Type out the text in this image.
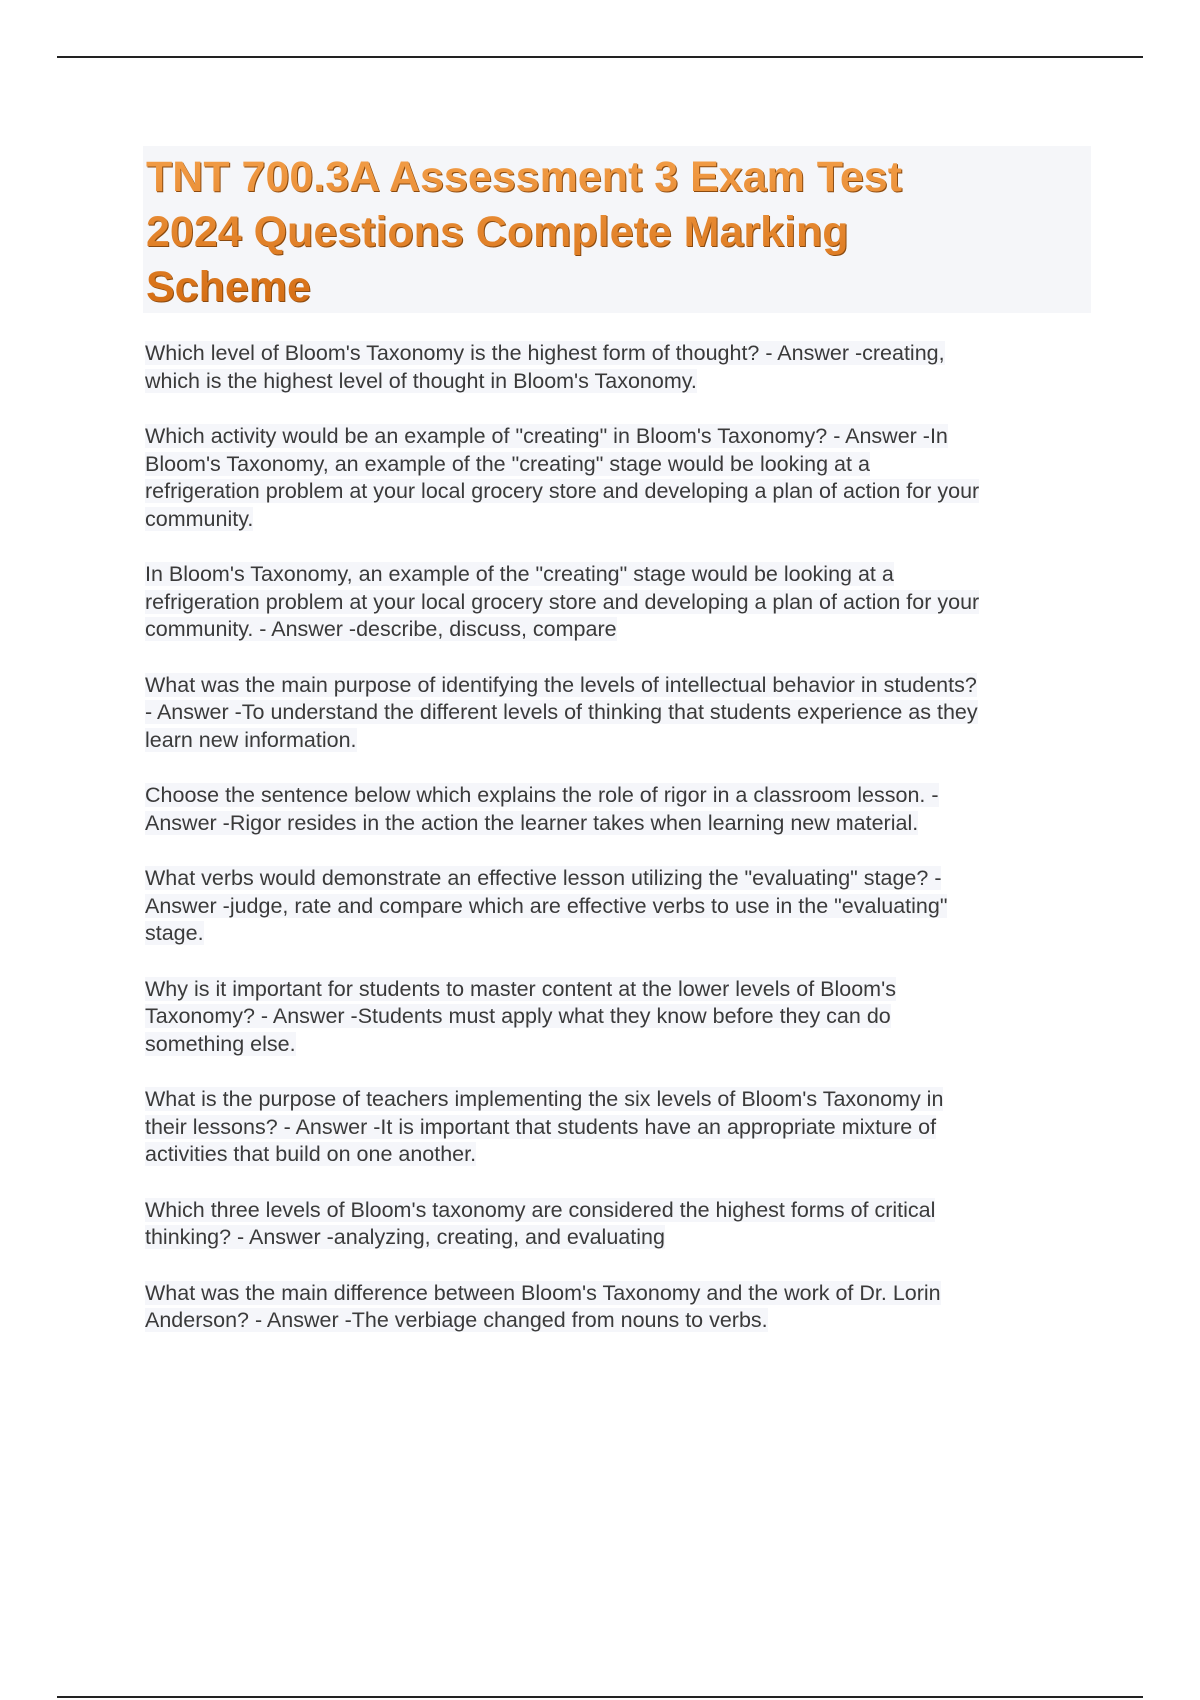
TNT 700.3A Assessment 3 Exam Test
2024 Questions Complete Marking
Scheme

Which level of Bloom's Taxonomy is the highest form of thought? - Answer -creating,
which is the highest level of thought in Bloom's Taxonomy.

Which activity would be an example of "creating" in Bloom's Taxonomy? - Answer -In
Bloom's Taxonomy, an example of the "creating" stage would be looking at a
refrigeration problem at your local grocery store and developing a plan of action for your
community.

In Bloom's Taxonomy, an example of the "creating" stage would be looking at a
refrigeration problem at your local grocery store and developing a plan of action for your
community. - Answer -describe, discuss, compare

What was the main purpose of identifying the levels of intellectual behavior in students?
- Answer -To understand the different levels of thinking that students experience as they
learn new information.

Choose the sentence below which explains the role of rigor in a classroom lesson. -
Answer -Rigor resides in the action the learner takes when learning new material.

What verbs would demonstrate an effective lesson utilizing the "evaluating" stage? -
Answer -judge, rate and compare which are effective verbs to use in the "evaluating"
stage.

Why is it important for students to master content at the lower levels of Bloom's
Taxonomy? - Answer -Students must apply what they know before they can do
something else.

What is the purpose of teachers implementing the six levels of Bloom's Taxonomy in
their lessons? - Answer -It is important that students have an appropriate mixture of
activities that build on one another.

Which three levels of Bloom's taxonomy are considered the highest forms of critical
thinking? - Answer -analyzing, creating, and evaluating

What was the main difference between Bloom's Taxonomy and the work of Dr. Lorin
Anderson? - Answer -The verbiage changed from nouns to verbs.
